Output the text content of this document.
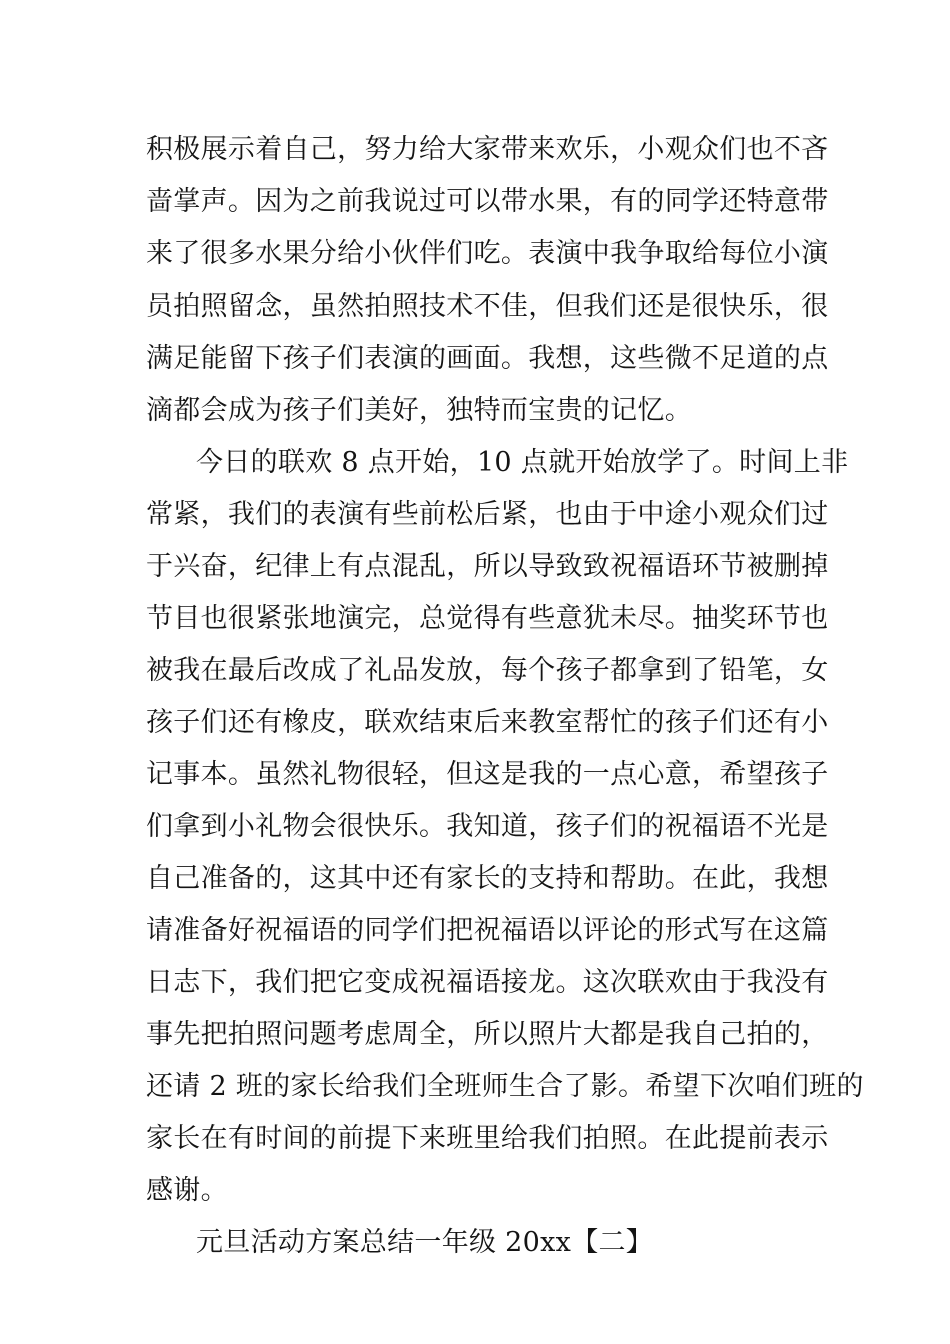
积极展示着自己，努力给大家带来欢乐，小观众们也不吝
啬掌声。因为之前我说过可以带水果，有的同学还特意带
来了很多水果分给小伙伴们吃。表演中我争取给每位小演
员拍照留念，虽然拍照技术不佳，但我们还是很快乐，很
满足能留下孩子们表演的画面。我想，这些微不足道的点
滴都会成为孩子们美好，独特而宝贵的记忆。
今日的联欢 8 点开始，10 点就开始放学了。时间上非
常紧，我们的表演有些前松后紧，也由于中途小观众们过
于兴奋，纪律上有点混乱，所以导致致祝福语环节被删掉
节目也很紧张地演完，总觉得有些意犹未尽。抽奖环节也
被我在最后改成了礼品发放，每个孩子都拿到了铅笔，女
孩子们还有橡皮，联欢结束后来教室帮忙的孩子们还有小
记事本。虽然礼物很轻，但这是我的一点心意，希望孩子
们拿到小礼物会很快乐。我知道，孩子们的祝福语不光是
自己准备的，这其中还有家长的支持和帮助。在此，我想
请准备好祝福语的同学们把祝福语以评论的形式写在这篇
日志下，我们把它变成祝福语接龙。这次联欢由于我没有
事先把拍照问题考虑周全，所以照片大都是我自己拍的，
还请 2 班的家长给我们全班师生合了影。希望下次咱们班的
家长在有时间的前提下来班里给我们拍照。在此提前表示
感谢。
元旦活动方案总结一年级 20xx【二】
